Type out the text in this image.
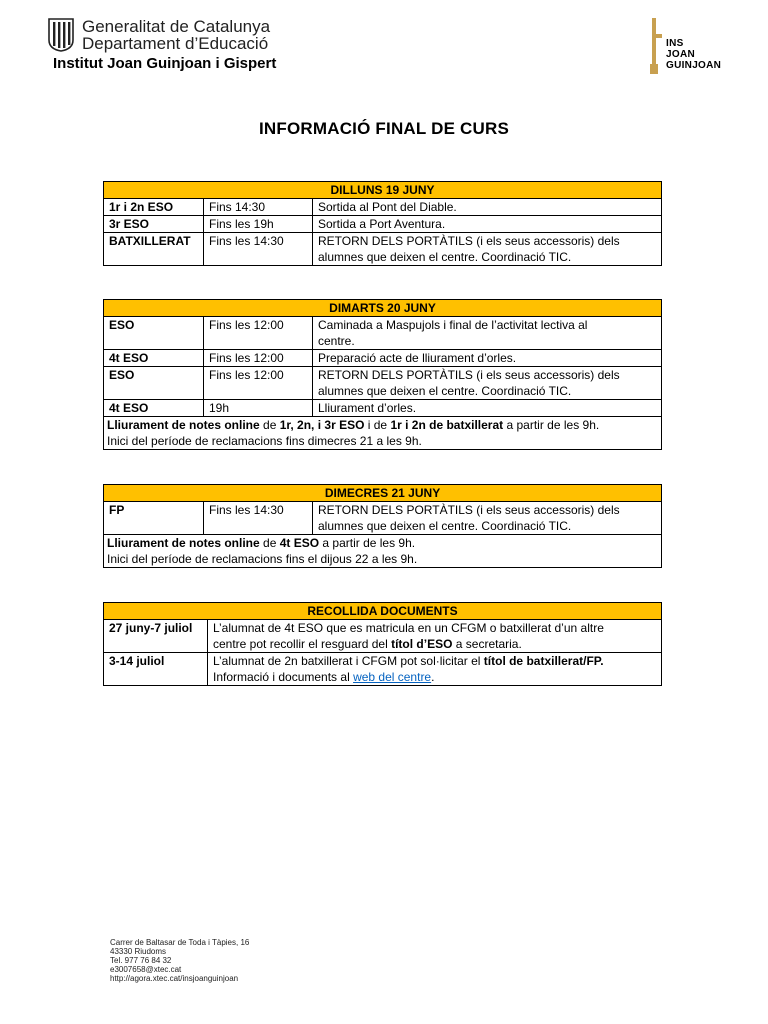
Generalitat de Catalunya
Departament d’Educació
Institut Joan Guinjoan i Gispert
INS
JOAN
GUINJOAN
INFORMACIÓ FINAL DE CURS
DILLUNS 19 JUNY		
1r i 2n ESO	Fins 14:30	Sortida al Pont del Diable.
3r ESO	Fins les 19h	Sortida a Port Aventura.
BATXILLERAT	Fins les 14:30	RETORN DELS PORTÀTILS (i els seus accessoris) dels
alumnes que deixen el centre. Coordinació TIC.
DIMARTS 20 JUNY		
ESO	Fins les 12:00	Caminada a Maspujols i final de l’activitat lectiva al
centre.

4t ESO	Fins les 12:00	Preparació acte de lliurament d’orles.
ESO	Fins les 12:00	RETORN DELS PORTÀTILS (i els seus accessoris) dels
alumnes que deixen el centre. Coordinació TIC.

4t ESO	19h	Lliurament d’orles.

Lliurament de notes online de 1r, 2n, i 3r ESO i de 1r i 2n de batxillerat a partir de les 9h.
Inici del període de reclamacions fins dimecres 21 a les 9h.		
DIMECRES 21 JUNY
FP	Fins les 14:30	RETORN DELS PORTÀTILS (i els seus accessoris) dels
alumnes que deixen el centre. Coordinació TIC.

Lliurament de notes online de 4t ESO a partir de les 9h.
Inici del període de reclamacions fins el dijous 22 a les 9h.
RECOLLIDA DOCUMENTS	
27 juny-7 juliol	L’alumnat de 4t ESO que es matricula en un CFGM o batxillerat d’un altre
centre pot recollir el resguard del títol d’ESO a secretaria.

3-14 juliol	L’alumnat de 2n batxillerat i CFGM pot sol·licitar el títol de batxillerat/FP.
Informació i documents al web del centre.
Carrer de Baltasar de Toda i Tàpies, 16
43330 Riudoms
Tel. 977 76 84 32
e3007658@xtec.cat
http://agora.xtec.cat/insjoanguinjoan
